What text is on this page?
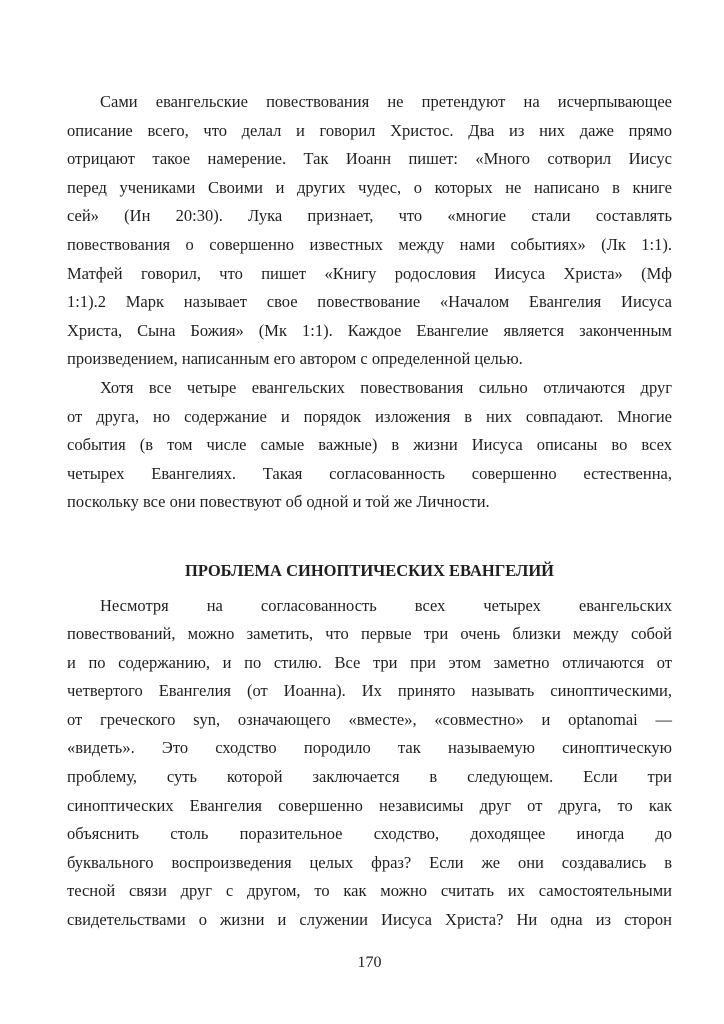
Сами евангельские повествования не претендуют на исчерпывающее
описание всего, что делал и говорил Христос. Два из них даже прямо
отрицают такое намерение. Так Иоанн пишет: «Много сотворил Иисус
перед учениками Своими и других чудес, о которых не написано в книге
сей» (Ин 20:30). Лука признает, что «многие стали составлять
повествования о совершенно известных между нами событиях» (Лк 1:1).
Матфей говорил, что пишет «Книгу родословия Иисуса Христа» (Мф
1:1).2 Марк называет свое повествование «Началом Евангелия Иисуса
Христа, Сына Божия» (Мк 1:1). Каждое Евангелие является законченным
произведением, написанным его автором с определенной целью.
Хотя все четыре евангельских повествования сильно отличаются друг
от друга, но содержание и порядок изложения в них совпадают. Многие
события (в том числе самые важные) в жизни Иисуса описаны во всех
четырех Евангелиях. Такая согласованность совершенно естественна,
поскольку все они повествуют об одной и той же Личности.
ПРОБЛЕМА СИНОПТИЧЕСКИХ ЕВАНГЕЛИЙ
Несмотря на согласованность всех четырех евангельских
повествований, можно заметить, что первые три очень близки между собой
и по содержанию, и по стилю. Все три при этом заметно отличаются от
четвертого Евангелия (от Иоанна). Их принято называть синоптическими,
от греческого syn, означающего «вместе», «совместно» и optanomai —
«видеть». Это сходство породило так называемую синоптическую
проблему, суть которой заключается в следующем. Если три
синоптических Евангелия совершенно независимы друг от друга, то как
объяснить столь поразительное сходство, доходящее иногда до
буквального воспроизведения целых фраз? Если же они создавались в
тесной связи друг с другом, то как можно считать их самостоятельными
свидетельствами о жизни и служении Иисуса Христа? Ни одна из сторон
170
